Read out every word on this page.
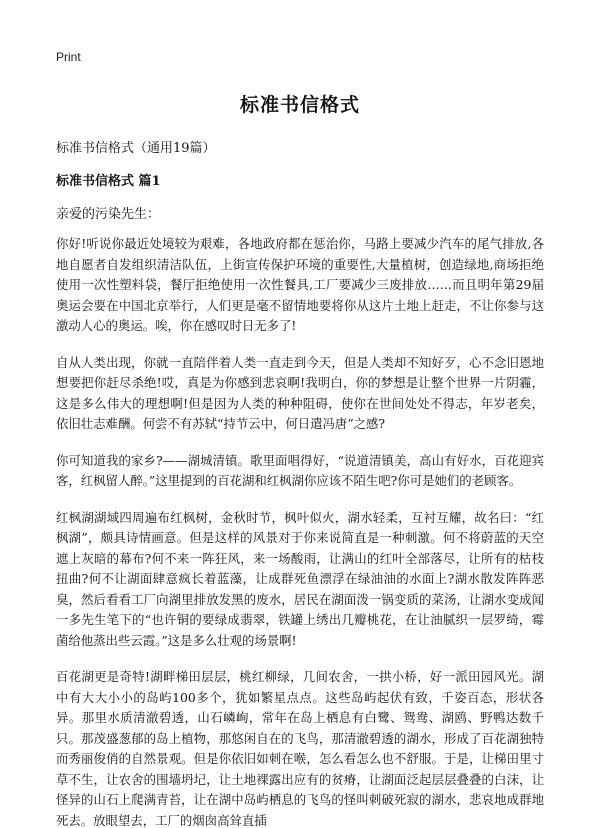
Print
标准书信格式

标准书信格式（通用19篇）

标准书信格式 篇1

亲爱的污染先生：

你好!听说你最近处境较为艰难，各地政府都在惩治你，马路上要减少汽车的尾气排放,各地自愿者自发组织清洁队伍，上街宣传保护环境的重要性,大量植树，创造绿地,商场拒绝使用一次性塑料袋，餐厅拒绝使用一次性餐具,工厂要减少三废排放……而且明年第29届奥运会要在中国北京举行，人们更是毫不留情地要将你从这片土地上赶走，不让你参与这激动人心的奥运。唉，你在感叹时日无多了!

自从人类出现，你就一直陪伴着人类一直走到今天，但是人类却不知好歹，心不念旧恩地想要把你赶尽杀绝!哎，真是为你感到悲哀啊!我明白，你的梦想是让整个世界一片阴霾，这是多么伟大的理想啊!但是因为人类的种种阻碍，使你在世间处处不得志，年岁老矣，依旧壮志难酬。何尝不有苏轼“持节云中，何日遣冯唐”之感?

你可知道我的家乡?——湖城清镇。歌里面唱得好，“说道清镇美，高山有好水，百花迎宾客，红枫留人醉。”这里提到的百花湖和红枫湖你应该不陌生吧?你可是她们的老顾客。

红枫湖湖域四周遍布红枫树，金秋时节，枫叶似火，湖水轻柔，互衬互耀，故名曰：“红枫湖”，颇具诗情画意。但是这样的风景对于你来说简直是一种刺激。何不将蔚蓝的天空遮上灰暗的幕布?何不来一阵狂风，来一场酸雨，让满山的红叶全部落尽，让所有的枯枝扭曲?何不让湖面肆意疯长着蓝藻，让成群死鱼漂浮在绿油油的水面上?湖水散发阵阵恶臭，然后看看工厂向湖里排放发黑的废水，居民在湖面泼一锅变质的菜汤，让湖水变成闻一多先生笔下的“也许铜的要绿成翡翠，铁罐上绣出几瓣桃花，在让油腻织一层罗绮，霉菌给他蒸出些云霞。”这是多么壮观的场景啊!

百花湖更是奇特!湖畔梯田层层，桃红柳绿，几间农舍，一拱小桥，好一派田园风光。湖中有大大小小的岛屿100多个，犹如繁星点点。这些岛屿起伏有致，千姿百态，形状各异。那里水质清澈碧透，山石嶙峋，常年在岛上栖息有白鹭、鸳鸯、湖鸥、野鸭达数千只。那茂盛葱郁的岛上植物，那悠闲自在的飞鸟，那清澈碧透的湖水，形成了百花湖独特而秀丽俊俏的自然景观。但是你依旧如刺在喉，怎么看怎么也不舒服。于是，让梯田里寸草不生，让农舍的围墙坍圮，让土地裸露出应有的贫瘠，让湖面泛起层层叠叠的白沫，让怪异的山石上爬满青苔，让在湖中岛屿栖息的飞鸟的怪叫刺破死寂的湖水，悲哀地成群地死去。放眼望去，工厂的烟囱高耸直插
